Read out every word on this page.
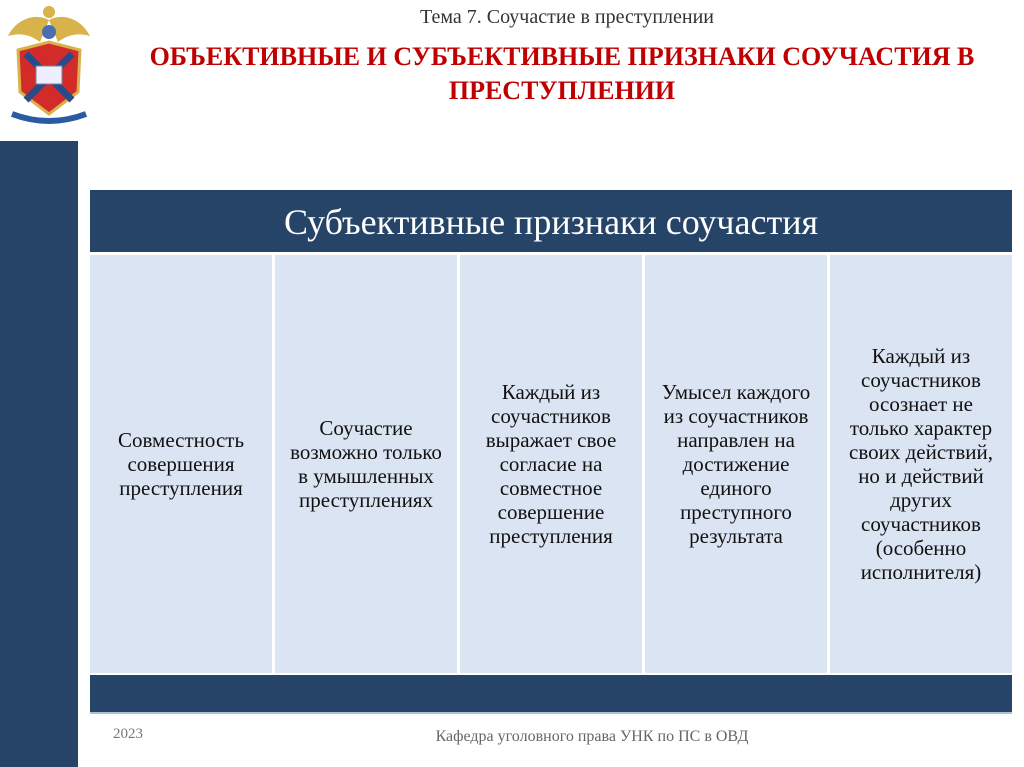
Тема 7. Соучастие в преступлении
ОБЪЕКТИВНЫЕ И СУБЪЕКТИВНЫЕ ПРИЗНАКИ СОУЧАСТИЯ В ПРЕСТУПЛЕНИИ
Субъективные признаки соучастия
Совместность совершения преступления
Соучастие возможно только в умышленных преступлениях
Каждый из соучастников выражает свое согласие на совместное совершение преступления
Умысел каждого из соучастников направлен на достижение единого преступного результата
Каждый из соучастников осознает не только характер своих действий, но и действий других соучастников (особенно исполнителя)
2023	Кафедра уголовного права УНК по ПС в ОВД
